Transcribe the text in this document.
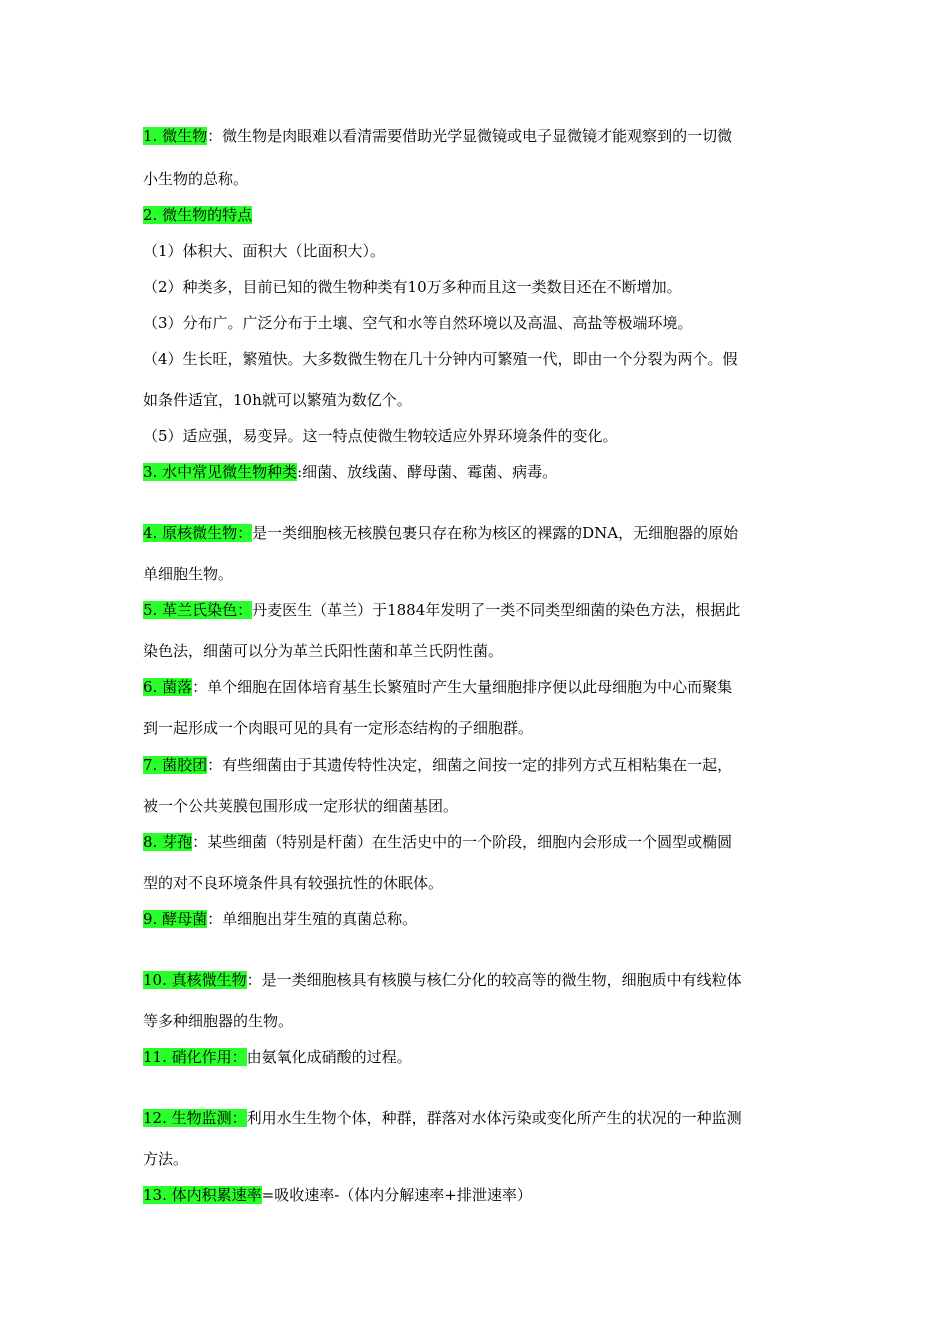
1. 微生物：微生物是肉眼难以看清需要借助光学显微镜或电子显微镜才能观察到的一切微
小生物的总称。
2. 微生物的特点
（1）体积大、面积大（比面积大）。
（2）种类多，目前已知的微生物种类有10万多种而且这一类数目还在不断增加。
（3）分布广。广泛分布于土壤、空气和水等自然环境以及高温、高盐等极端环境。
（4）生长旺，繁殖快。大多数微生物在几十分钟内可繁殖一代，即由一个分裂为两个。假
如条件适宜，10h就可以繁殖为数亿个。
（5）适应强，易变异。这一特点使微生物较适应外界环境条件的变化。
3. 水中常见微生物种类:细菌、放线菌、酵母菌、霉菌、病毒。
4. 原核微生物：是一类细胞核无核膜包裹只存在称为核区的裸露的DNA，无细胞器的原始
单细胞生物。
5. 革兰氏染色：丹麦医生（革兰）于1884年发明了一类不同类型细菌的染色方法，根据此
染色法，细菌可以分为革兰氏阳性菌和革兰氏阴性菌。
6. 菌落：单个细胞在固体培育基生长繁殖时产生大量细胞排序便以此母细胞为中心而聚集
到一起形成一个肉眼可见的具有一定形态结构的子细胞群。
7. 菌胶团：有些细菌由于其遗传特性决定，细菌之间按一定的排列方式互相粘集在一起，
被一个公共荚膜包围形成一定形状的细菌基团。
8. 芽孢：某些细菌（特别是杆菌）在生活史中的一个阶段，细胞内会形成一个圆型或椭圆
型的对不良环境条件具有较强抗性的休眠体。
9. 酵母菌：单细胞出芽生殖的真菌总称。
10. 真核微生物：是一类细胞核具有核膜与核仁分化的较高等的微生物，细胞质中有线粒体
等多种细胞器的生物。
11. 硝化作用：由氨氧化成硝酸的过程。
12. 生物监测：利用水生生物个体，种群，群落对水体污染或变化所产生的状况的一种监测
方法。
13. 体内积累速率=吸收速率-（体内分解速率+排泄速率）
